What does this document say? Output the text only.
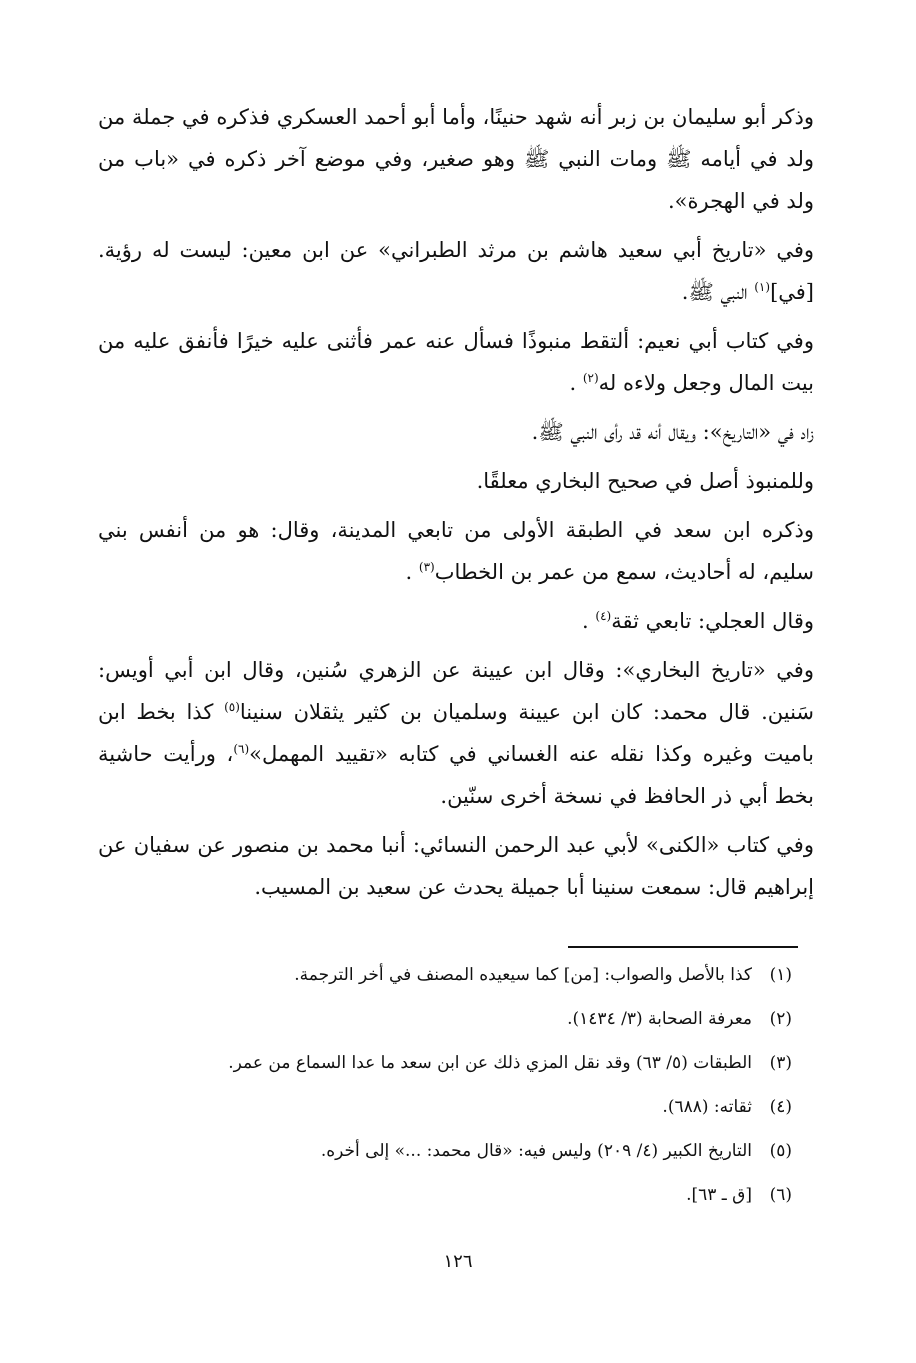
وذكر أبو سليمان بن زبر أنه شهد حنينًا، وأما أبو أحمد العسكري فذكره في جملة من ولد في أيامه ﷺ ومات النبي ﷺ وهو صغير، وفي موضع آخر ذكره في «باب من ولد في الهجرة».

وفي «تاريخ أبي سعيد هاشم بن مرثد الطبراني» عن ابن معين: ليست له رؤية. [في]$^{(١)}$ النبي ﷺ.

وفي كتاب أبي نعيم: ألتقط منبوذًا فسأل عنه عمر فأثنى عليه خيرًا فأنفق عليه من بيت المال وجعل ولاءه له$^{(٢)}$ .

زاد في «التاريخ»: ويقال أنه قد رأى النبي ﷺ.

وللمنبوذ أصل في صحيح البخاري معلقًا.

وذكره ابن سعد في الطبقة الأولى من تابعي المدينة، وقال: هو من أنفس بني سليم، له أحاديث، سمع من عمر بن الخطاب$^{(٣)}$ .

وقال العجلي: تابعي ثقة$^{(٤)}$ .

وفي «تاريخ البخاري»: وقال ابن عيينة عن الزهري سُنين، وقال ابن أبي أويس: سَنين. قال محمد: كان ابن عيينة وسلميان بن كثير يثقلان سنينا$^{(٥)}$ كذا بخط ابن باميت وغيره وكذا نقله عنه الغساني في كتابه «تقييد المهمل»$^{(٦)}$، ورأيت حاشية بخط أبي ذر الحافظ في نسخة أخرى سنّين.

وفي كتاب «الكنى» لأبي عبد الرحمن النسائي: أنبا محمد بن منصور عن سفيان عن إبراهيم قال: سمعت سنينا أبا جميلة يحدث عن سعيد بن المسيب.

(١)
كذا بالأصل والصواب: [من] كما سيعيده المصنف في أخر الترجمة.
(٢)
معرفة الصحابة (٣/ ١٤٣٤).
(٣)
الطبقات (٥/ ٦٣) وقد نقل المزي ذلك عن ابن سعد ما عدا السماع من عمر.
(٤)
ثقاته: (٦٨٨).
(٥)
التاريخ الكبير (٤/ ٢٠٩) وليس فيه: «قال محمد: ...» إلى أخره.
(٦)
[ق ـ ٦٣].
١٢٦
